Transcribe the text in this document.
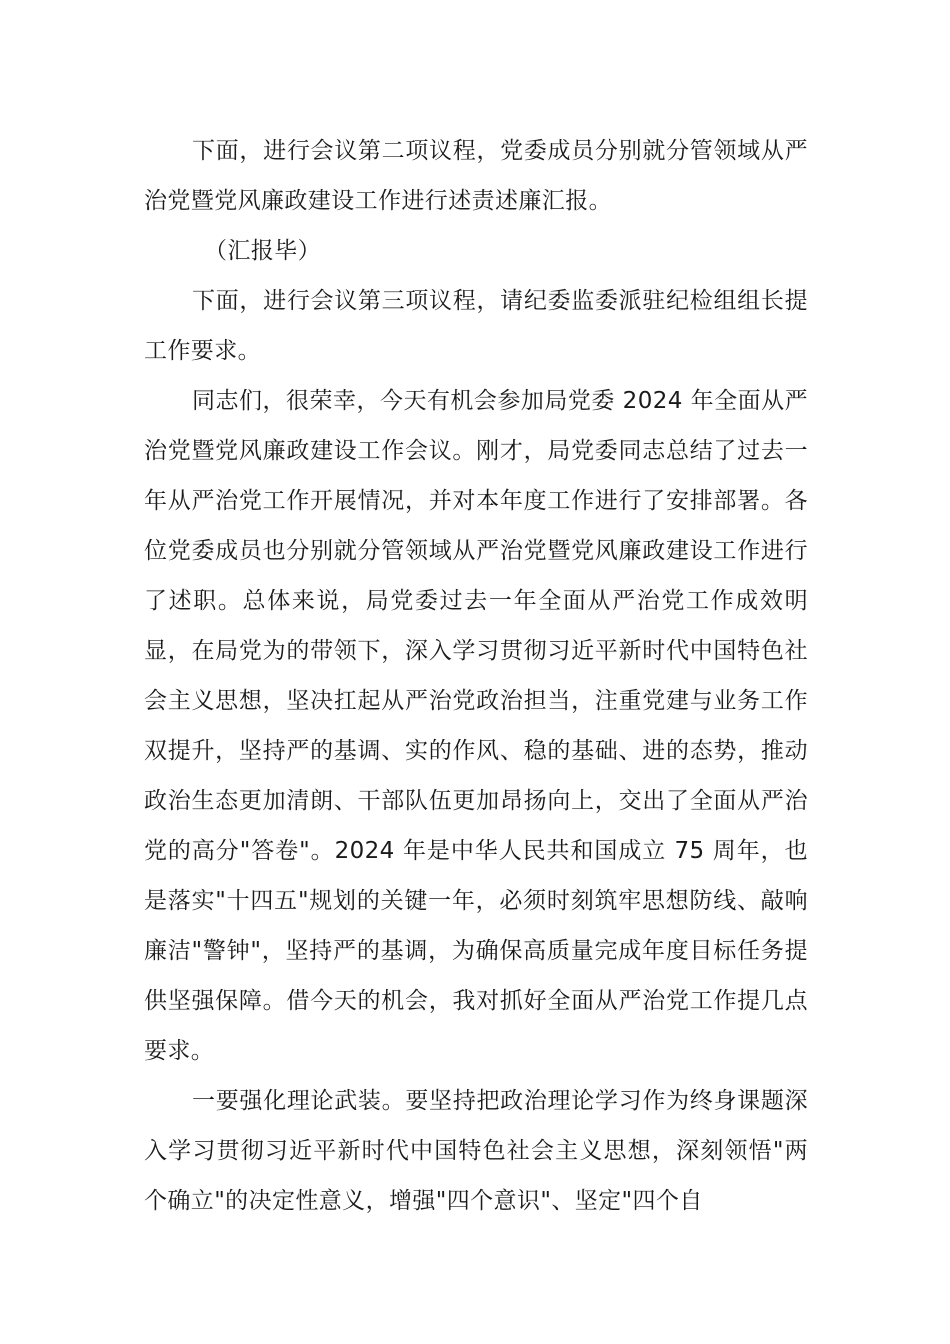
下面，进行会议第二项议程，党委成员分别就分管领域从严治党暨党风廉政建设工作进行述责述廉汇报。

（汇报毕）

下面，进行会议第三项议程，请纪委监委派驻纪检组组长提工作要求。

同志们，很荣幸，今天有机会参加局党委 2024 年全面从严治党暨党风廉政建设工作会议。刚才，局党委同志总结了过去一年从严治党工作开展情况，并对本年度工作进行了安排部署。各位党委成员也分别就分管领域从严治党暨党风廉政建设工作进行了述职。总体来说，局党委过去一年全面从严治党工作成效明显，在局党为的带领下，深入学习贯彻习近平新时代中国特色社会主义思想，坚决扛起从严治党政治担当，注重党建与业务工作双提升，坚持严的基调、实的作风、稳的基础、进的态势，推动政治生态更加清朗、干部队伍更加昂扬向上，交出了全面从严治党的高分"答卷"。2024 年是中华人民共和国成立 75 周年，也是落实"十四五"规划的关键一年，必须时刻筑牢思想防线、敲响廉洁"警钟"，坚持严的基调，为确保高质量完成年度目标任务提供坚强保障。借今天的机会，我对抓好全面从严治党工作提几点要求。

一要强化理论武装。要坚持把政治理论学习作为终身课题深入学习贯彻习近平新时代中国特色社会主义思想，深刻领悟"两个确立"的决定性意义，增强"四个意识"、坚定"四个自
